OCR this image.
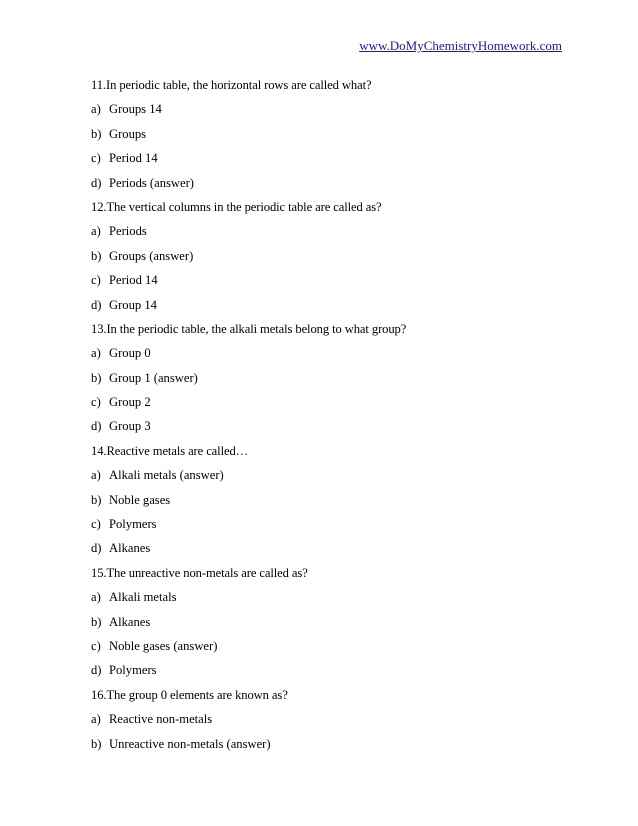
www.DoMyChemistryHomework.com
11.In periodic table, the horizontal rows are called what?
a) Groups 14
b) Groups
c) Period 14
d) Periods (answer)
12.The vertical columns in the periodic table are called as?
a) Periods
b) Groups (answer)
c) Period 14
d) Group 14
13.In the periodic table, the alkali metals belong to what group?
a) Group 0
b) Group 1 (answer)
c) Group 2
d) Group 3
14.Reactive metals are called…
a) Alkali metals (answer)
b) Noble gases
c) Polymers
d) Alkanes
15.The unreactive non-metals are called as?
a) Alkali metals
b) Alkanes
c) Noble gases (answer)
d) Polymers
16.The group 0 elements are known as?
a) Reactive non-metals
b) Unreactive non-metals (answer)
